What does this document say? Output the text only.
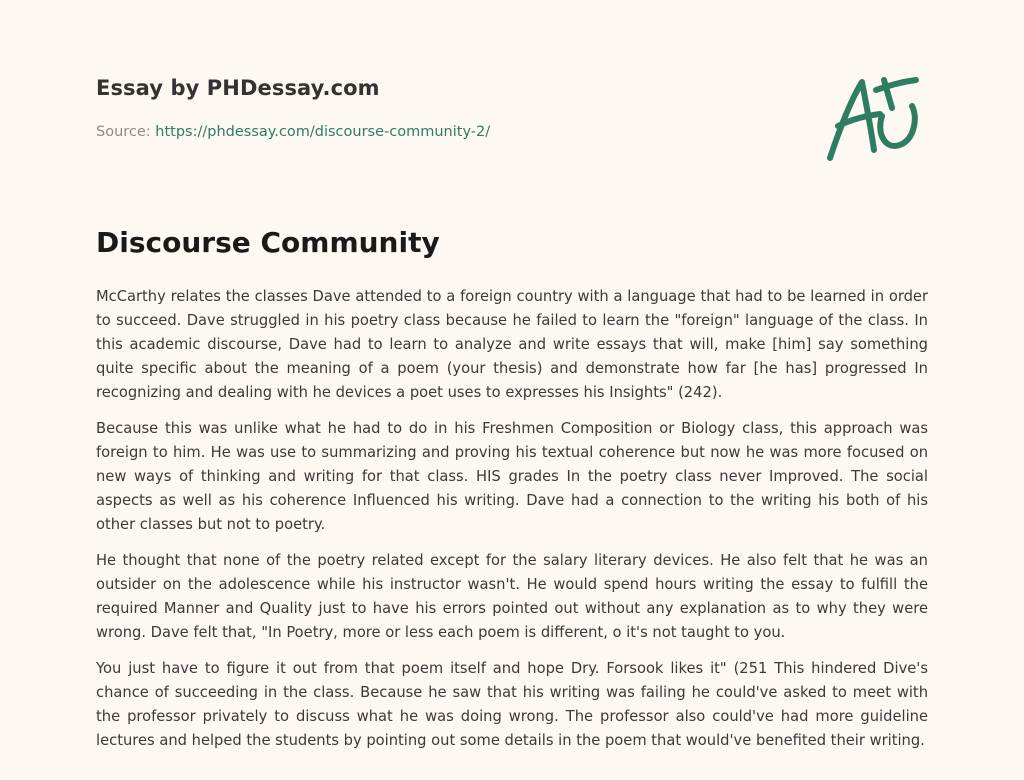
Essay by PHDessay.com
Source: https://phdessay.com/discourse-community-2/
Discourse Community

McCarthy relates the classes Dave attended to a foreign country with a language that had to be learned in order to succeed. Dave struggled in his poetry class because he failed to learn the "foreign" language of the class. In this academic discourse, Dave had to learn to analyze and write essays that will, make [him] say something quite specific about the meaning of a poem (your thesis) and demonstrate how far [he has] progressed In recognizing and dealing with he devices a poet uses to expresses his Insights" (242).

Because this was unlike what he had to do in his Freshmen Composition or Biology class, this approach was foreign to him. He was use to summarizing and proving his textual coherence but now he was more focused on new ways of thinking and writing for that class. HIS grades In the poetry class never Improved. The social aspects as well as his coherence Influenced his writing. Dave had a connection to the writing his both of his other classes but not to poetry.

He thought that none of the poetry related except for the salary literary devices. He also felt that he was an outsider on the adolescence while his instructor wasn't. He would spend hours writing the essay to fulfill the required Manner and Quality just to have his errors pointed out without any explanation as to why they were wrong. Dave felt that, "In Poetry, more or less each poem is different, o it's not taught to you.

You just have to figure it out from that poem itself and hope Dry. Forsook likes it" (251 This hindered Dive's chance of succeeding in the class. Because he saw that his writing was failing he could've asked to meet with the professor privately to discuss what he was doing wrong. The professor also could've had more guideline lectures and helped the students by pointing out some details in the poem that would've benefited their writing.
